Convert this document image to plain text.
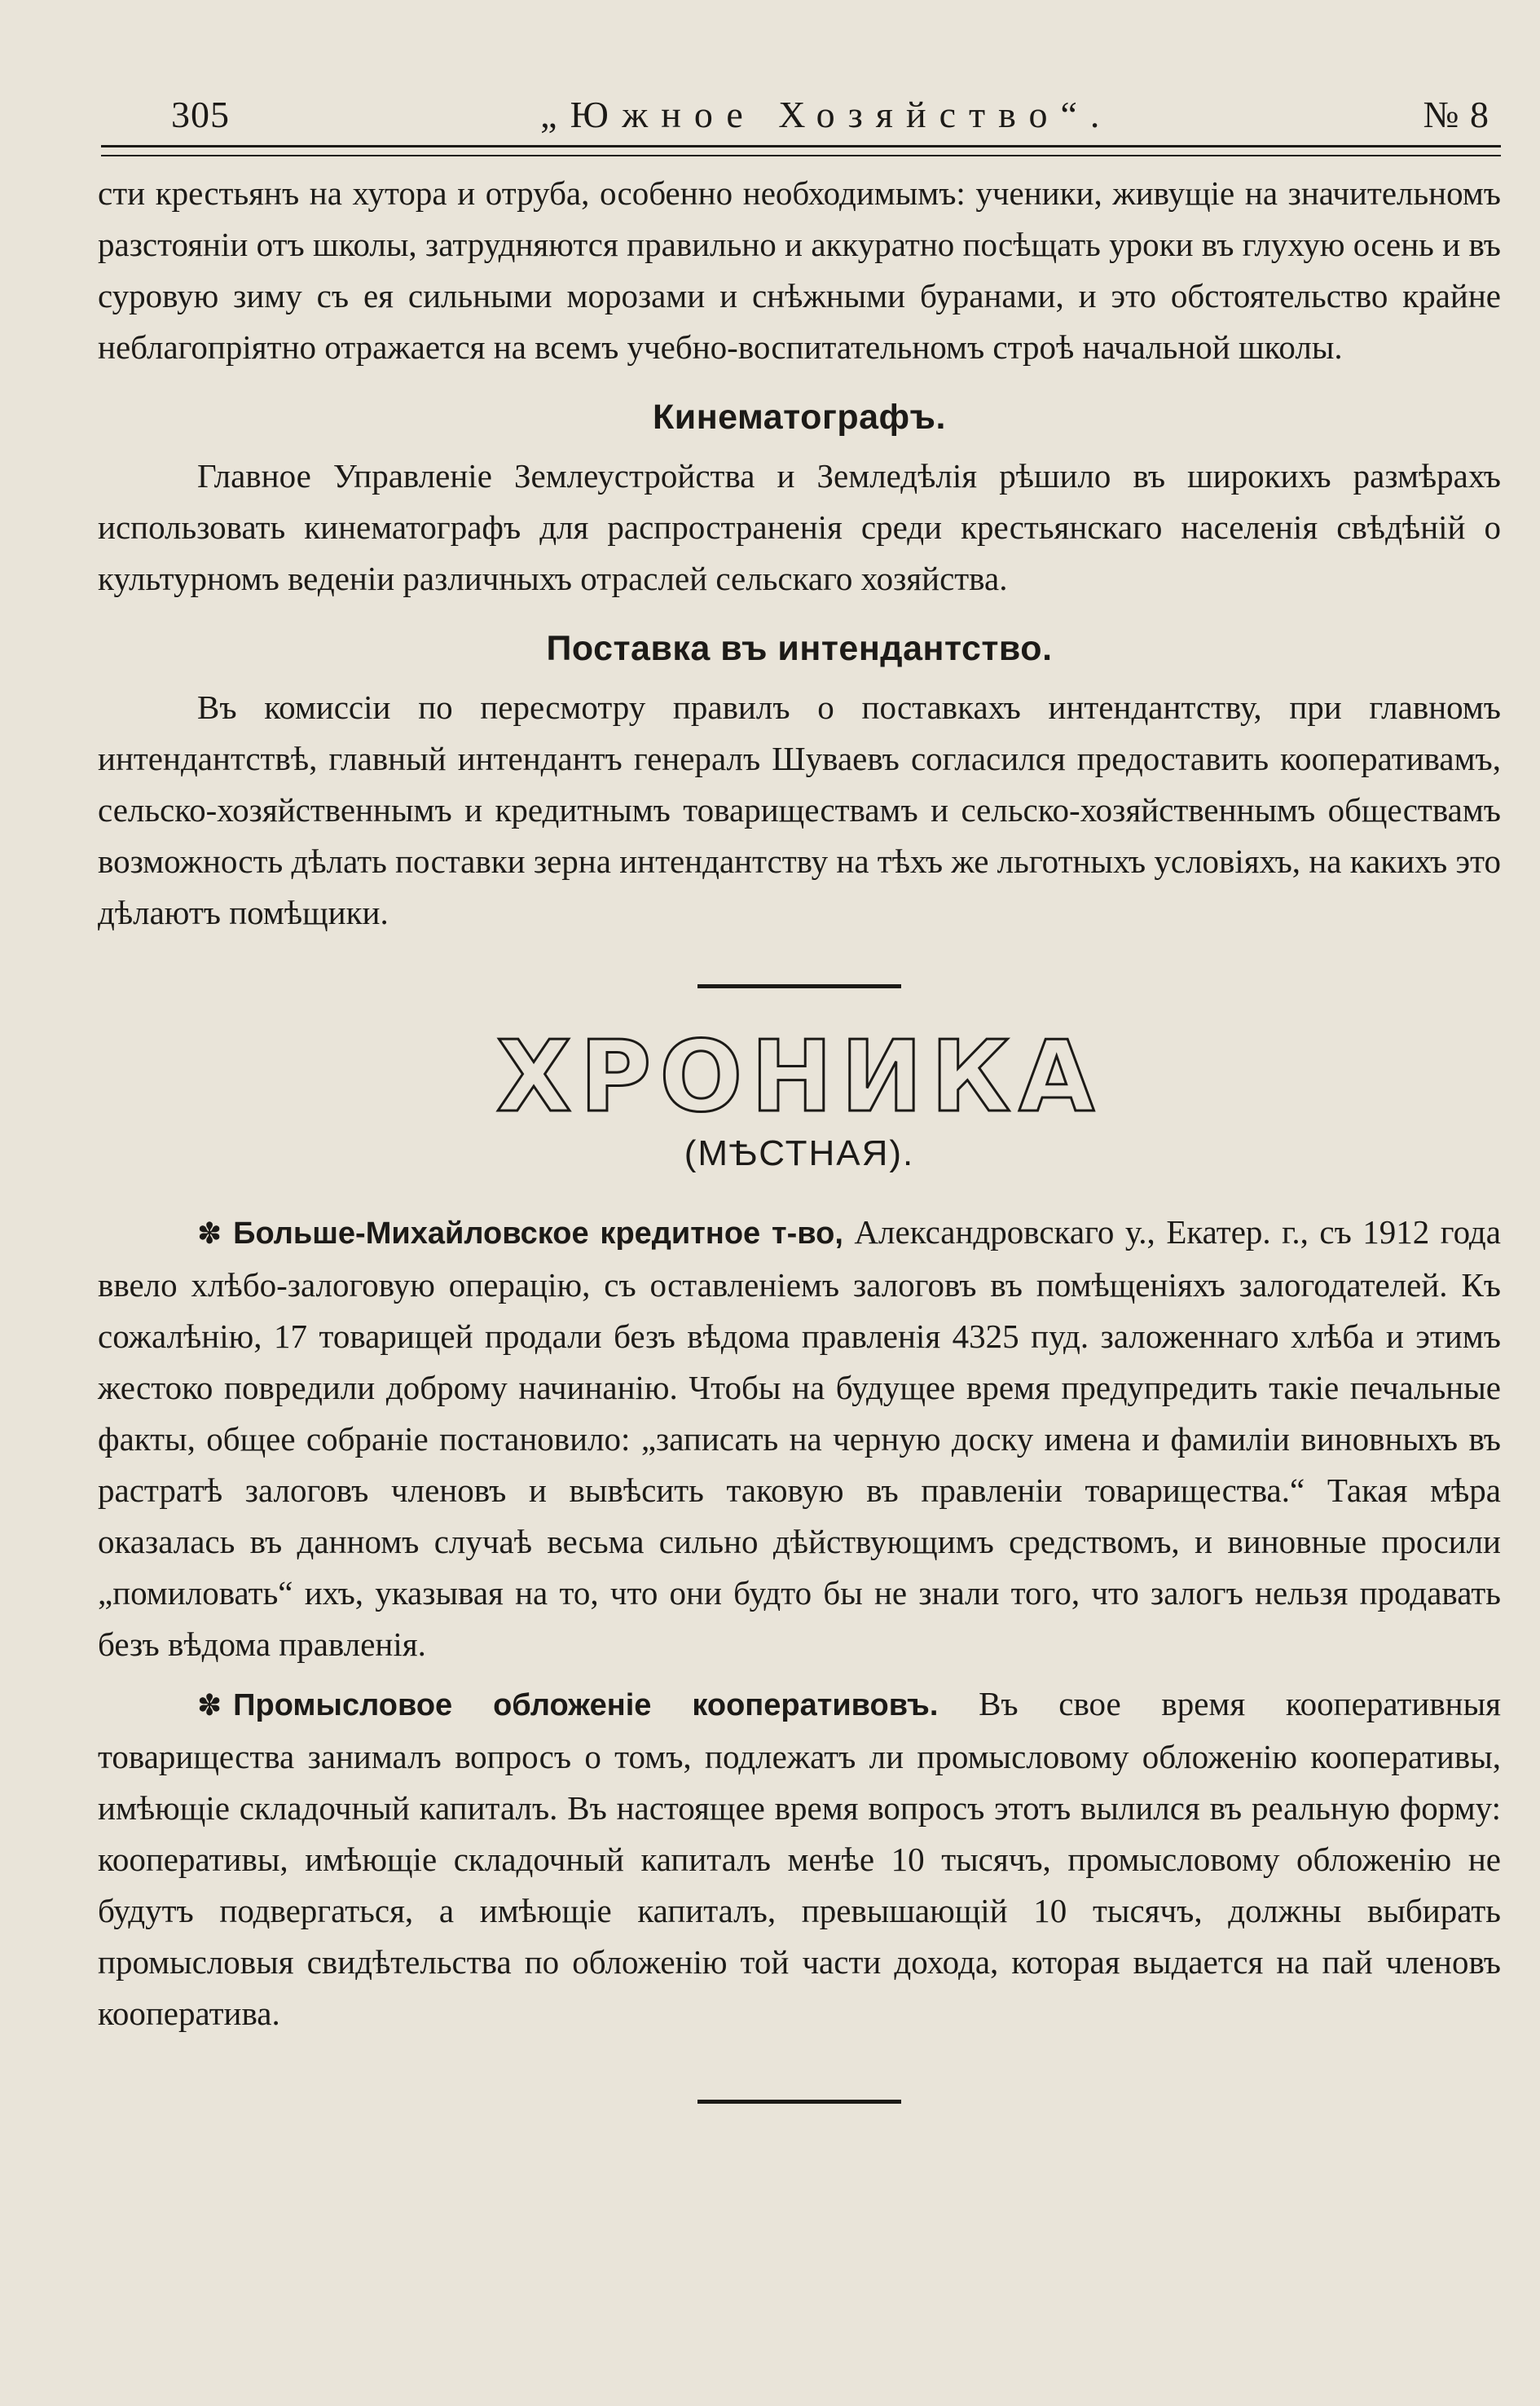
305	„Южное Хозяйство“.	№ 8

сти крестьянъ на хутора и отруба, особенно необходимымъ: ученики, живущіе на значительномъ разстояніи отъ школы, затрудняются правильно и аккуратно посѣщать уроки въ глухую осень и въ суровую зиму съ ея сильными морозами и снѣжными буранами, и это обстоятельство крайне неблагопріятно отражается на всемъ учебно-воспитательномъ строѣ начальной школы.

Кинематографъ.

Главное Управленіе Землеустройства и Земледѣлія рѣшило въ широкихъ размѣрахъ использовать кинематографъ для распространенія среди крестьянскаго населенія свѣдѣній о культурномъ веденіи различныхъ отраслей сельскаго хозяйства.

Поставка въ интендантство.

Въ комиссіи по пересмотру правилъ о поставкахъ интендантству, при главномъ интендантствѣ, главный интендантъ генералъ Шуваевъ согласился предоставить кооперативамъ, сельско-хозяйственнымъ и кредитнымъ товариществамъ и сельско-хозяйственнымъ обществамъ возможность дѣлать поставки зерна интендантству на тѣхъ же льготныхъ условіяхъ, на какихъ это дѣлаютъ помѣщики.

ХРОНИКА
(МѢСТНАЯ).

✽ Больше-Михайловское кредитное т-во, Александровскаго у., Екатер. г., съ 1912 года ввело хлѣбо-залоговую операцію, съ оставленіемъ залоговъ въ помѣщеніяхъ залогодателей. Къ сожалѣнію, 17 товарищей продали безъ вѣдома правленія 4325 пуд. заложеннаго хлѣба и этимъ жестоко повредили доброму начинанію. Чтобы на будущее время предупредить такіе печальные факты, общее собраніе постановило: „записать на черную доску имена и фамиліи виновныхъ въ растратѣ залоговъ членовъ и вывѣсить таковую въ правленіи товарищества.“ Такая мѣра оказалась въ данномъ случаѣ весьма сильно дѣйствующимъ средствомъ, и виновные просили „помиловать“ ихъ, указывая на то, что они будто бы не знали того, что залогъ нельзя продавать безъ вѣдома правленія.

✽ Промысловое обложеніе кооперативовъ. Въ свое время кооперативныя товарищества занималъ вопросъ о томъ, подлежатъ ли промысловому обложенію кооперативы, имѣющіе складочный капиталъ. Въ настоящее время вопросъ этотъ вылился въ реальную форму: кооперативы, имѣющіе складочный капиталъ менѣе 10 тысячъ, промысловому обложенію не будутъ подвергаться, а имѣющіе капиталъ, превышающій 10 тысячъ, должны выбирать промысловыя свидѣтельства по обложенію той части дохода, которая выдается на пай членовъ кооператива.
